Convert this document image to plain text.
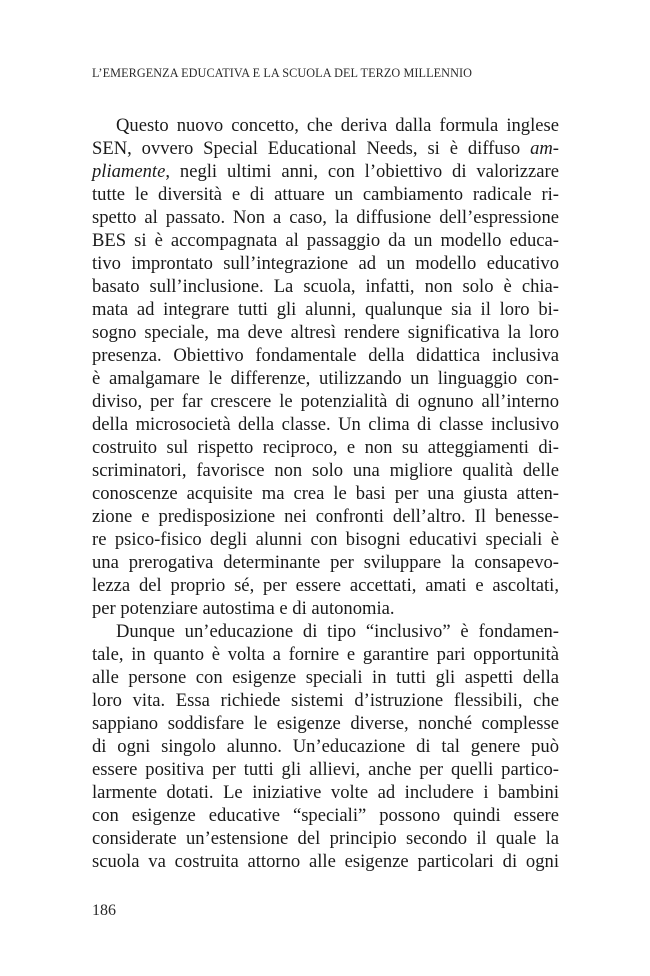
L’EMERGENZA EDUCATIVA E LA SCUOLA DEL TERZO MILLENNIO
Questo nuovo concetto, che deriva dalla formula inglese
SEN, ovvero Special Educational Needs, si è diffuso am-
pliamente, negli ultimi anni, con l’obiettivo di valorizzare
tutte le diversità e di attuare un cambiamento radicale ri-
spetto al passato. Non a caso, la diffusione dell’espressione
BES si è accompagnata al passaggio da un modello educa-
tivo improntato sull’integrazione ad un modello educativo
basato sull’inclusione. La scuola, infatti, non solo è chia-
mata ad integrare tutti gli alunni, qualunque sia il loro bi-
sogno speciale, ma deve altresì rendere significativa la loro
presenza. Obiettivo fondamentale della didattica inclusiva
è amalgamare le differenze, utilizzando un linguaggio con-
diviso, per far crescere le potenzialità di ognuno all’interno
della microsocietà della classe. Un clima di classe inclusivo
costruito sul rispetto reciproco, e non su atteggiamenti di-
scriminatori, favorisce non solo una migliore qualità delle
conoscenze acquisite ma crea le basi per una giusta atten-
zione e predisposizione nei confronti dell’altro. Il benesse-
re psico-fisico degli alunni con bisogni educativi speciali è
una prerogativa determinante per sviluppare la consapevo-
lezza del proprio sé, per essere accettati, amati e ascoltati,
per potenziare autostima e di autonomia.
Dunque un’educazione di tipo “inclusivo” è fondamen-
tale, in quanto è volta a fornire e garantire pari opportunità
alle persone con esigenze speciali in tutti gli aspetti della
loro vita. Essa richiede sistemi d’istruzione flessibili, che
sappiano soddisfare le esigenze diverse, nonché complesse
di ogni singolo alunno. Un’educazione di tal genere può
essere positiva per tutti gli allievi, anche per quelli partico-
larmente dotati. Le iniziative volte ad includere i bambini
con esigenze educative “speciali” possono quindi essere
considerate un’estensione del principio secondo il quale la
scuola va costruita attorno alle esigenze particolari di ogni
186
